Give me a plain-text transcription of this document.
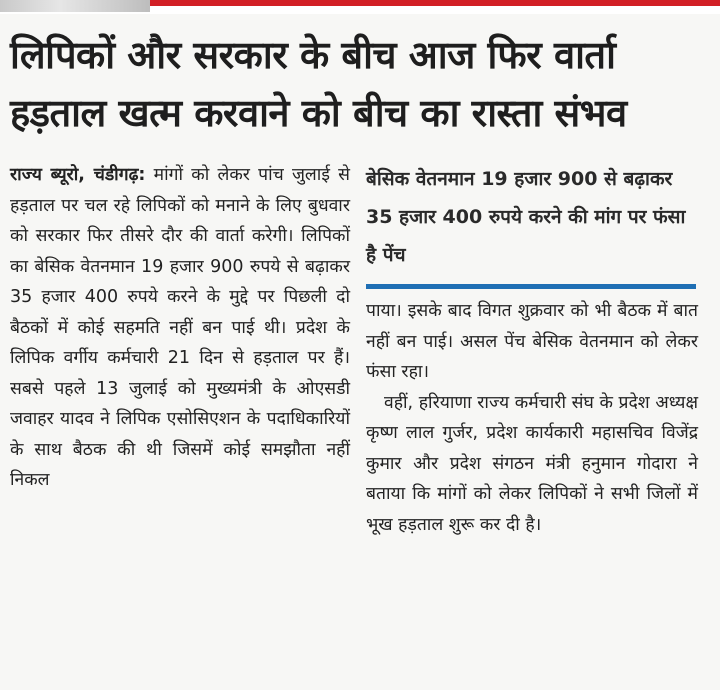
लिपिकों और सरकार के बीच आज फिर वार्ता
हड़ताल खत्म करवाने को बीच का रास्ता संभव

राज्य ब्यूरो, चंडीगढ़: मांगों को लेकर पांच जुलाई से हड़ताल पर चल रहे लिपिकों को मनाने के लिए बुधवार को सरकार फिर तीसरे दौर की वार्ता करेगी। लिपिकों का बेसिक वेतनमान 19 हजार 900 रुपये से बढ़ाकर 35 हजार 400 रुपये करने के मुद्दे पर पिछली दो बैठकों में कोई सहमति नहीं बन पाई थी। प्रदेश के लिपिक वर्गीय कर्मचारी 21 दिन से हड़ताल पर हैं। सबसे पहले 13 जुलाई को मुख्यमंत्री के ओएसडी जवाहर यादव ने लिपिक एसोसिएशन के पदाधिकारियों के साथ बैठक की थी जिसमें कोई समझौता नहीं निकल

बेसिक वेतनमान 19 हजार 900 से बढ़ाकर 35 हजार 400 रुपये करने की मांग पर फंसा है पेंच

पाया। इसके बाद विगत शुक्रवार को भी बैठक में बात नहीं बन पाई। असल पेंच बेसिक वेतनमान को लेकर फंसा रहा।

वहीं, हरियाणा राज्य कर्मचारी संघ के प्रदेश अध्यक्ष कृष्ण लाल गुर्जर, प्रदेश कार्यकारी महासचिव विजेंद्र कुमार और प्रदेश संगठन मंत्री हनुमान गोदारा ने बताया कि मांगों को लेकर लिपिकों ने सभी जिलों में भूख हड़ताल शुरू कर दी है।
